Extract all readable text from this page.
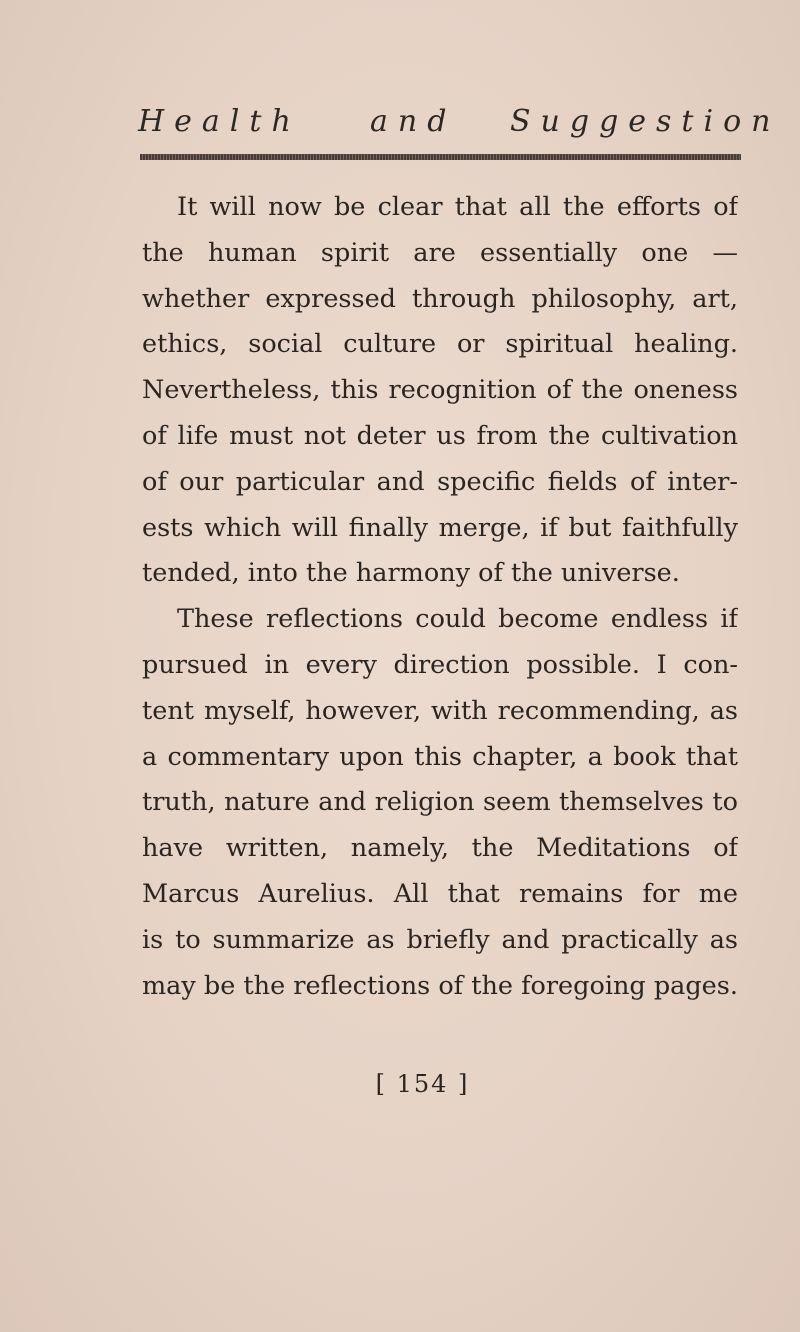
Health and Suggestion
It will now be clear that all the efforts of
the human spirit are essentially one —
whether expressed through philosophy, art,
ethics, social culture or spiritual healing.
Nevertheless, this recognition of the oneness
of life must not deter us from the cultivation
of our particular and specific fields of inter-
ests which will finally merge, if but faithfully
tended, into the harmony of the universe.
These reflections could become endless if
pursued in every direction possible. I con-
tent myself, however, with recommending, as
a commentary upon this chapter, a book that
truth, nature and religion seem themselves to
have written, namely, the Meditations of
Marcus Aurelius. All that remains for me
is to summarize as briefly and practically as
may be the reflections of the foregoing pages.
[ 154 ]
